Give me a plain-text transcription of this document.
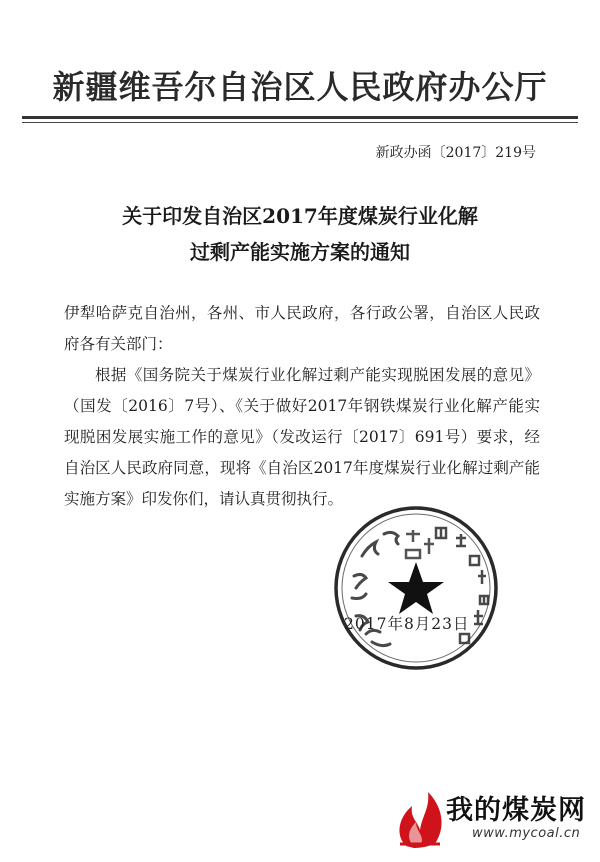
新疆维吾尔自治区人民政府办公厅
新政办函〔2017〕219号
关于印发自治区2017年度煤炭行业化解
过剩产能实施方案的通知

伊犁哈萨克自治州，各州、市人民政府，各行政公署，自治区人民政府各有关部门：

根据《国务院关于煤炭行业化解过剩产能实现脱困发展的意见》（国发〔2016〕7号）、《关于做好2017年钢铁煤炭行业化解产能实现脱困发展实施工作的意见》（发改运行〔2017〕691号）要求，经自治区人民政府同意，现将《自治区2017年度煤炭行业化解过剩产能实施方案》印发你们，请认真贯彻执行。

2017年8月23日
我的煤炭网
www.mycoal.cn
